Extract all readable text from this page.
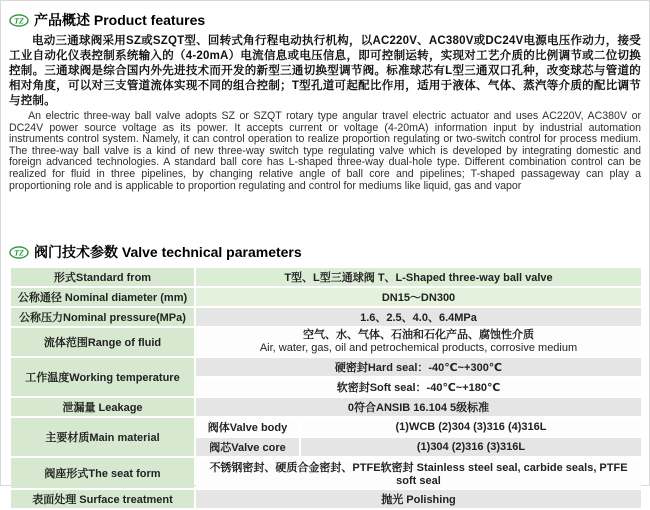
TZ 产品概述 Product features

电动三通球阀采用SZ或SZQT型、回转式角行程电动执行机构，以AC220V、AC380V或DC24V电源电压作动力，接受工业自动化仪表控制系统输入的（4-20mA）电流信息或电压信息，即可控制运转，实现对工艺介质的比例调节或二位切换控制。三通球阀是综合国内外先进技术而开发的新型三通切换型调节阀。标准球芯有L型三通双口孔种，改变球芯与管道的相对角度，可以对三支管道流体实现不同的组合控制；T型孔道可起配比作用，适用于液体、气体、蒸汽等介质的配比调节与控制。

An electric three-way ball valve adopts SZ or SZQT rotary type angular travel electric actuator and uses AC220V, AC380V or DC24V power source voltage as its power. It accepts current or voltage (4-20mA) information input by industrial automation instruments control system. Namely, it can control operation to realize proportion regulating or two-switch control for process medium. The three-way ball valve is a kind of new three-way switch type regulating valve which is developed by integrating domestic and foreign advanced technologies. A standard ball core has L-shaped three-way dual-hole type. Different combination control can be realized for fluid in three pipelines, by changing relative angle of ball core and pipelines; T-shaped passageway can play a proportioning role and is applicable to proportion regulating and control for mediums like liquid, gas and vapor

TZ 阀门技术参数 Valve technical parameters
形式Standard from	T型、L型三通球阀 T、L-Shaped three-way ball valve	
公称通径 Nominal diameter (mm)	DN15～DN300	
公称压力Nominal pressure(MPa)	1.6、2.5、4.0、6.4MPa	
流体范围Range of fluid	空气、水、气体、石油和石化产品、腐蚀性介质
Air, water, gas, oil and petrochemical products, corrosive medium	

工作温度Working temperature	硬密封Hard seal：-40℃~+300℃	
	软密封Soft seal：-40℃~+180℃	
泄漏量 Leakage	0符合ANSIB 16.104 5级标准	
主要材质Main material	阀体Valve body	(1)WCB (2)304 (3)316 (4)316L
	阀芯Valve core	(1)304 (2)316 (3)316L
阀座形式The seat form	不锈钢密封、硬质合金密封、PTFE软密封 Stainless steel seal, carbide seals, PTFE soft seal	
表面处理 Surface treatment	抛光 Polishing	
